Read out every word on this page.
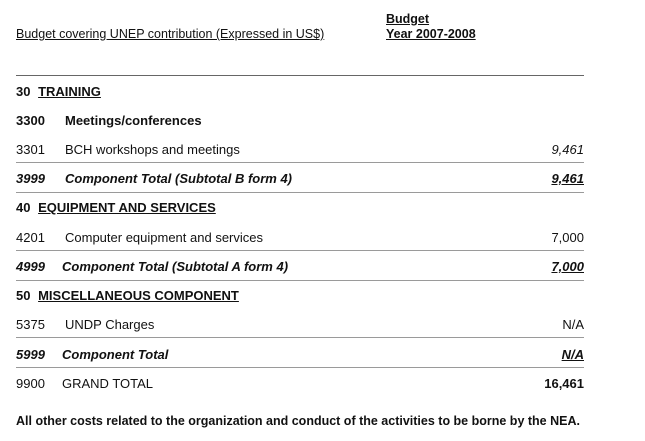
Budget covering UNEP contribution (Expressed in US$)
Budget
Year 2007-2008
30 TRAINING
3300 Meetings/conferences
3301 BCH workshops and meetings	9,461
3999 Component Total (Subtotal B form 4)	9,461
40 EQUIPMENT AND SERVICES
4201 Computer equipment and services	7,000
4999 Component Total (Subtotal A form 4)	7,000
50 MISCELLANEOUS COMPONENT
5375 UNDP Charges	N/A
5999 Component Total	N/A
9900 GRAND TOTAL	16,461
All other costs related to the organization and conduct of the activities to be borne by the NEA.
